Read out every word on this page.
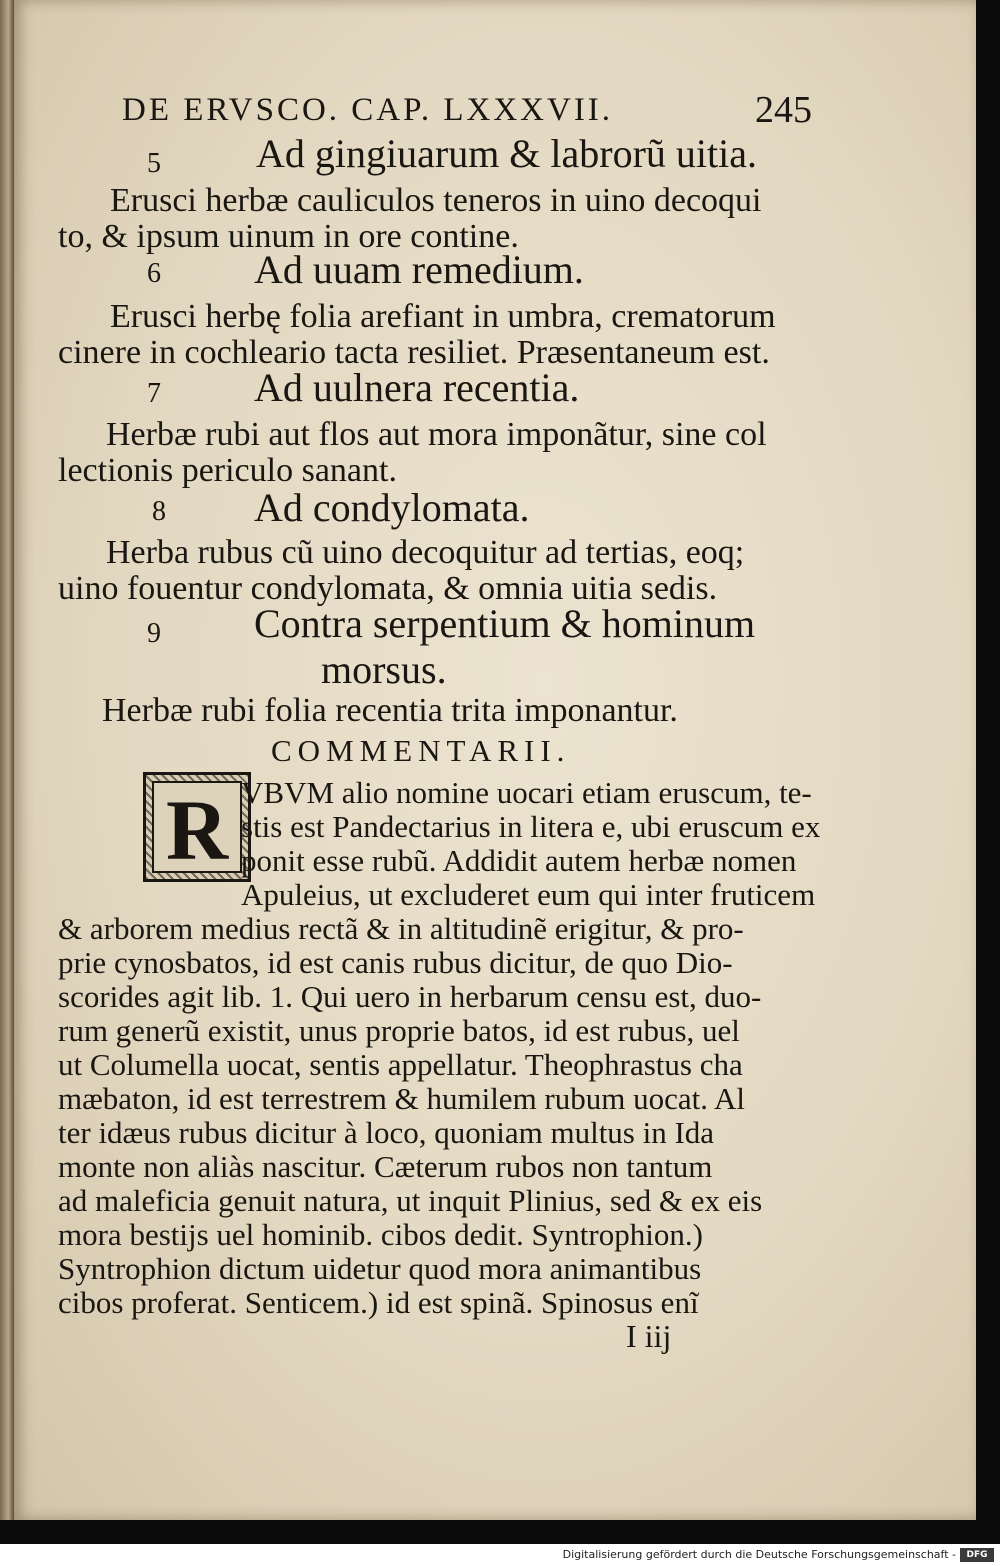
DE ERVSCO. CAP. LXXXVII.	245
5 Ad gingiuarum & labrorũ uitia.
Erusci herbæ cauliculos teneros in uino decoqui
to, & ipsum uinum in ore contine.
6 Ad uuam remedium.
Erusci herbę folia arefiant in umbra, crematorum
cinere in cochleario tacta resiliet. Præsentaneum est.
7 Ad uulnera recentia.
Herbæ rubi aut flos aut mora imponãtur, sine col
lectionis periculo sanant.
8 Ad condylomata.
Herba rubus cũ uino decoquitur ad tertias, eoq;
uino fouentur condylomata, & omnia uitia sedis.
9 Contra serpentium & hominum
morsus.
Herbæ rubi folia recentia trita imponantur.
COMMENTARII.
R VBVM alio nomine uocari etiam eruscum, te-
stis est Pandectarius in litera e, ubi eruscum ex
ponit esse rubũ. Addidit autem herbæ nomen
Apuleius, ut excluderet eum qui inter fruticem
& arborem medius rectã & in altitudinẽ erigitur, & pro-
prie cynosbatos, id est canis rubus dicitur, de quo Dio-
scorides agit lib. 1. Qui uero in herbarum censu est, duo-
rum generũ existit, unus proprie batos, id est rubus, uel
ut Columella uocat, sentis appellatur. Theophrastus cha
mæbaton, id est terrestrem & humilem rubum uocat. Al
ter idæus rubus dicitur à loco, quoniam multus in Ida
monte non aliàs nascitur. Cæterum rubos non tantum
ad maleficia genuit natura, ut inquit Plinius, sed & ex eis
mora bestijs uel hominib. cibos dedit. Syntrophion.)
Syntrophion dictum uidetur quod mora animantibus
cibos proferat. Senticem.) id est spinã. Spinosus enĩ
I iij
Digitalisierung gefördert durch die Deutsche Forschungsgemeinschaft -	DFG
